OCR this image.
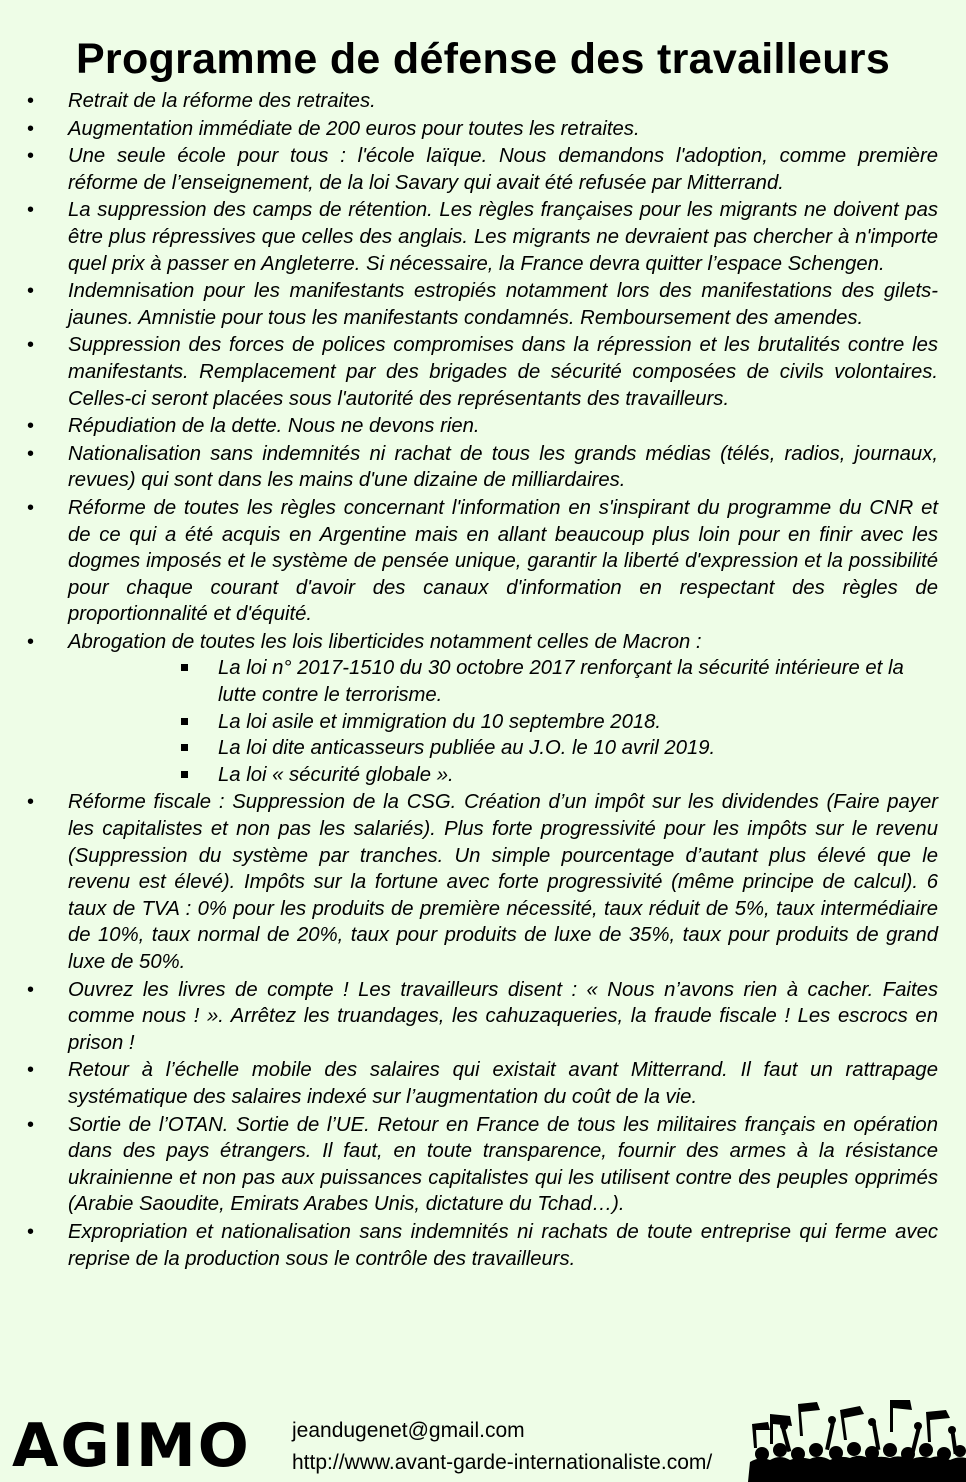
Programme de défense des travailleurs
• Retrait de la réforme des retraites.
• Augmentation immédiate de 200 euros pour toutes les retraites.
• Une seule école pour tous : l'école laïque. Nous demandons l'adoption, comme première réforme de l’enseignement, de la loi Savary qui avait été refusée par Mitterrand.
• La suppression des camps de rétention. Les règles françaises pour les migrants ne doivent pas être plus répressives que celles des anglais. Les migrants ne devraient pas chercher à n'importe quel prix à passer en Angleterre. Si nécessaire, la France devra quitter l’espace Schengen.
• Indemnisation pour les manifestants estropiés notamment lors des manifestations des gilets-jaunes. Amnistie pour tous les manifestants condamnés. Remboursement des amendes.
• Suppression des forces de polices compromises dans la répression et les brutalités contre les manifestants. Remplacement par des brigades de sécurité composées de civils volontaires. Celles-ci seront placées sous l'autorité des représentants des travailleurs.
• Répudiation de la dette. Nous ne devons rien.
• Nationalisation sans indemnités ni rachat de tous les grands médias (télés, radios, journaux, revues) qui sont dans les mains d'une dizaine de milliardaires.
• Réforme de toutes les règles concernant l'information en s'inspirant du programme du CNR et de ce qui a été acquis en Argentine mais en allant beaucoup plus loin pour en finir avec les dogmes imposés et le système de pensée unique, garantir la liberté d'expression et la possibilité pour chaque courant d'avoir des canaux d'information en respectant des règles de proportionnalité et d'équité.
• Abrogation de toutes les lois liberticides notamment celles de Macron :
La loi n° 2017-1510 du 30 octobre 2017 renforçant la sécurité intérieure et la lutte contre le terrorisme.
La loi asile et immigration du 10 septembre 2018.
La loi dite anticasseurs publiée au J.O. le 10 avril 2019.
La loi « sécurité globale ».
• Réforme fiscale : Suppression de la CSG. Création d’un impôt sur les dividendes (Faire payer les capitalistes et non pas les salariés). Plus forte progressivité pour les impôts sur le revenu (Suppression du système par tranches. Un simple pourcentage d’autant plus élevé que le revenu est élevé). Impôts sur la fortune avec forte progressivité (même principe de calcul). 6 taux de TVA : 0% pour les produits de première nécessité, taux réduit de 5%, taux intermédiaire de 10%, taux normal de 20%, taux pour produits de luxe de 35%, taux pour produits de grand luxe de 50%.
• Ouvrez les livres de compte ! Les travailleurs disent : « Nous n’avons rien à cacher. Faites comme nous ! ». Arrêtez les truandages, les cahuzaqueries, la fraude fiscale ! Les escrocs en prison !
• Retour à l’échelle mobile des salaires qui existait avant Mitterrand. Il faut un rattrapage systématique des salaires indexé sur l’augmentation du coût de la vie.
• Sortie de l’OTAN. Sortie de l’UE. Retour en France de tous les militaires français en opération dans des pays étrangers. Il faut, en toute transparence, fournir des armes à la résistance ukrainienne et non pas aux puissances capitalistes qui les utilisent contre des peuples opprimés (Arabie Saoudite, Emirats Arabes Unis, dictature du Tchad…).
• Expropriation et nationalisation sans indemnités ni rachats de toute entreprise qui ferme avec reprise de la production sous le contrôle des travailleurs.
AGIMO jeandugenet@gmail.com
http://www.avant-garde-internationaliste.com/
